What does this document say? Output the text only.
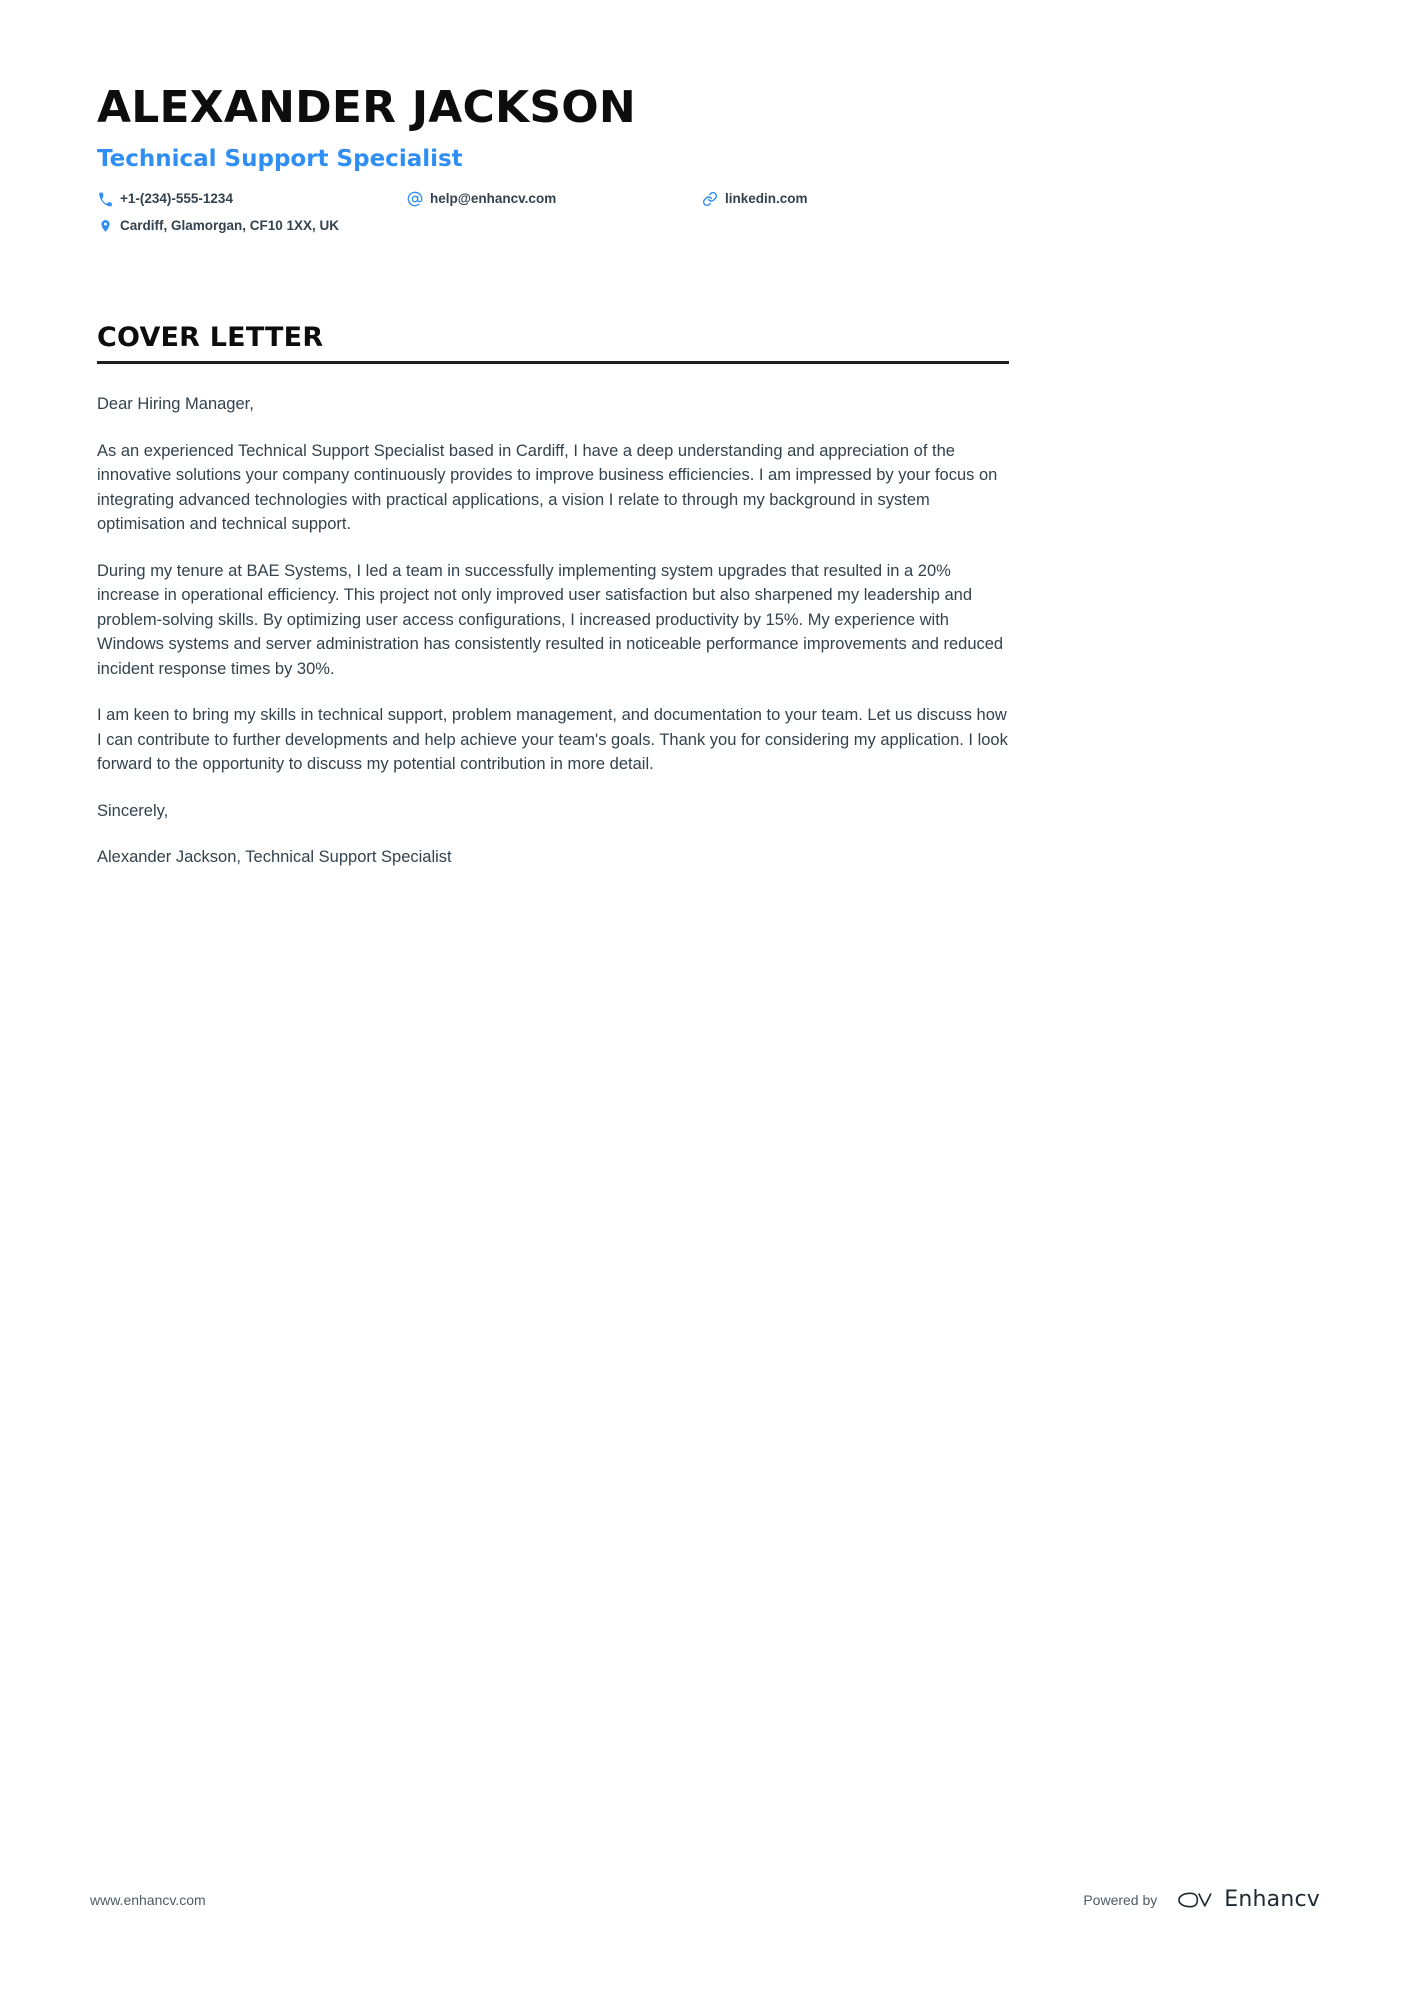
ALEXANDER JACKSON
Technical Support Specialist
+1-(234)-555-1234	help@enhancv.com	linkedin.com
Cardiff, Glamorgan, CF10 1XX, UK
COVER LETTER

Dear Hiring Manager,

As an experienced Technical Support Specialist based in Cardiff, I have a deep understanding and appreciation of the innovative solutions your company continuously provides to improve business efficiencies. I am impressed by your focus on integrating advanced technologies with practical applications, a vision I relate to through my background in system optimisation and technical support.

During my tenure at BAE Systems, I led a team in successfully implementing system upgrades that resulted in a 20% increase in operational efficiency. This project not only improved user satisfaction but also sharpened my leadership and problem-solving skills. By optimizing user access configurations, I increased productivity by 15%. My experience with Windows systems and server administration has consistently resulted in noticeable performance improvements and reduced incident response times by 30%.

I am keen to bring my skills in technical support, problem management, and documentation to your team. Let us discuss how I can contribute to further developments and help achieve your team's goals. Thank you for considering my application. I look forward to the opportunity to discuss my potential contribution in more detail.

Sincerely,

Alexander Jackson, Technical Support Specialist

www.enhancv.com	Powered by	Enhancv
